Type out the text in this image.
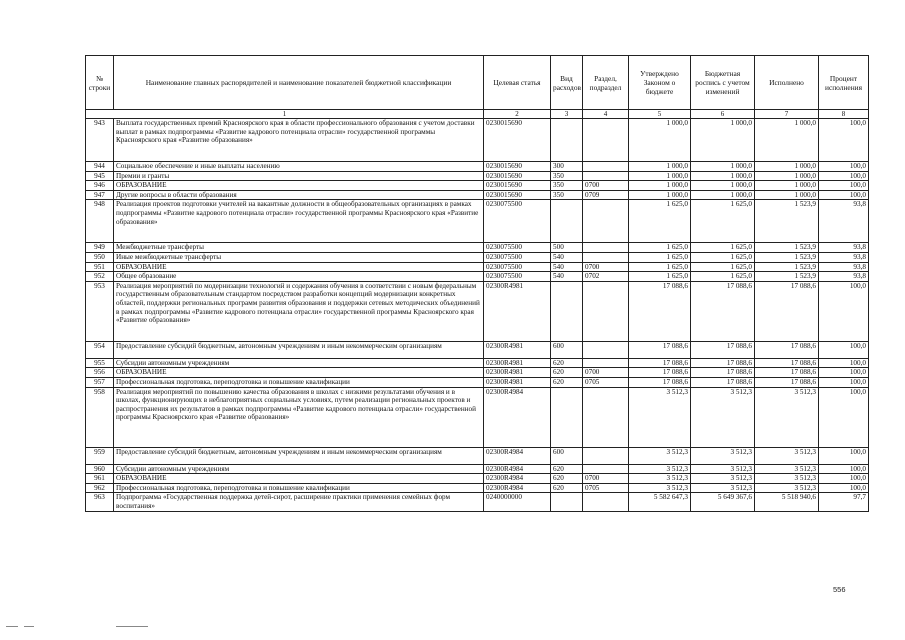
№ строки	Наименование главных распорядителей и наименование показателей бюджетной классификации	Целевая статья	Вид расходов	Раздел, подраздел	Утверждено Законом о бюджете	Бюджетная роспись с учетом изменений	Исполнено	Процент исполнения
1		2	3	4	5	6	7	8
943	Выплата государственных премий Красноярского края в области профессионального образования с учетом доставки выплат в рамках подпрограммы «Развитие кадрового потенциала отрасли» государственной программы Красноярского края «Развитие образования»	0230015690			1 000,0	1 000,0	1 000,0	100,0
944	Социальное обеспечение и иные выплаты населению	0230015690	300		1 000,0	1 000,0	1 000,0	100,0
945	Премии и гранты	0230015690	350		1 000,0	1 000,0	1 000,0	100,0
946	ОБРАЗОВАНИЕ	0230015690	350	0700	1 000,0	1 000,0	1 000,0	100,0
947	Другие вопросы в области образования	0230015690	350	0709	1 000,0	1 000,0	1 000,0	100,0
948	Реализация проектов подготовки учителей на вакантные должности в общеобразовательных организациях в рамках подпрограммы «Развитие кадрового потенциала отрасли» государственной программы Красноярского края «Развитие образования»	0230075500			1 625,0	1 625,0	1 523,9	93,8
949	Межбюджетные трансферты	0230075500	500		1 625,0	1 625,0	1 523,9	93,8
950	Иные межбюджетные трансферты	0230075500	540		1 625,0	1 625,0	1 523,9	93,8
951	ОБРАЗОВАНИЕ	0230075500	540	0700	1 625,0	1 625,0	1 523,9	93,8
952	Общее образование	0230075500	540	0702	1 625,0	1 625,0	1 523,9	93,8
953	Реализация мероприятий по модернизации технологий и содержания обучения в соответствии с новым федеральным государственным образовательным стандартом посредством разработки концепций модернизации конкретных областей, поддержки региональных программ развития образования и поддержки сетевых методических объединений в рамках подпрограммы «Развитие кадрового потенциала отрасли» государственной программы Красноярского края «Развитие образования»	02300R4981			17 088,6	17 088,6	17 088,6	100,0
954	Предоставление субсидий бюджетным, автономным учреждениям и иным некоммерческим организациям	02300R4981	600		17 088,6	17 088,6	17 088,6	100,0
955	Субсидии автономным учреждениям	02300R4981	620		17 088,6	17 088,6	17 088,6	100,0
956	ОБРАЗОВАНИЕ	02300R4981	620	0700	17 088,6	17 088,6	17 088,6	100,0
957	Профессиональная подготовка, переподготовка и повышение квалификации	02300R4981	620	0705	17 088,6	17 088,6	17 088,6	100,0
958	Реализация мероприятий по повышению качества образования в школах с низкими результатами обучения и в школах, функционирующих в неблагоприятных социальных условиях, путем реализации региональных проектов и распространения их результатов в рамках подпрограммы «Развитие кадрового потенциала отрасли» государственной программы Красноярского края «Развитие образования»	02300R4984			3 512,3	3 512,3	3 512,3	100,0
959	Предоставление субсидий бюджетным, автономным учреждениям и иным некоммерческим организациям	02300R4984	600		3 512,3	3 512,3	3 512,3	100,0
960	Субсидии автономным учреждениям	02300R4984	620		3 512,3	3 512,3	3 512,3	100,0
961	ОБРАЗОВАНИЕ	02300R4984	620	0700	3 512,3	3 512,3	3 512,3	100,0
962	Профессиональная подготовка, переподготовка и повышение квалификации	02300R4984	620	0705	3 512,3	3 512,3	3 512,3	100,0
963	Подпрограмма «Государственная поддержка детей-сирот, расширение практики применения семейных форм воспитания»	0240000000			5 582 647,3	5 649 367,6	5 518 940,6	97,7
556
